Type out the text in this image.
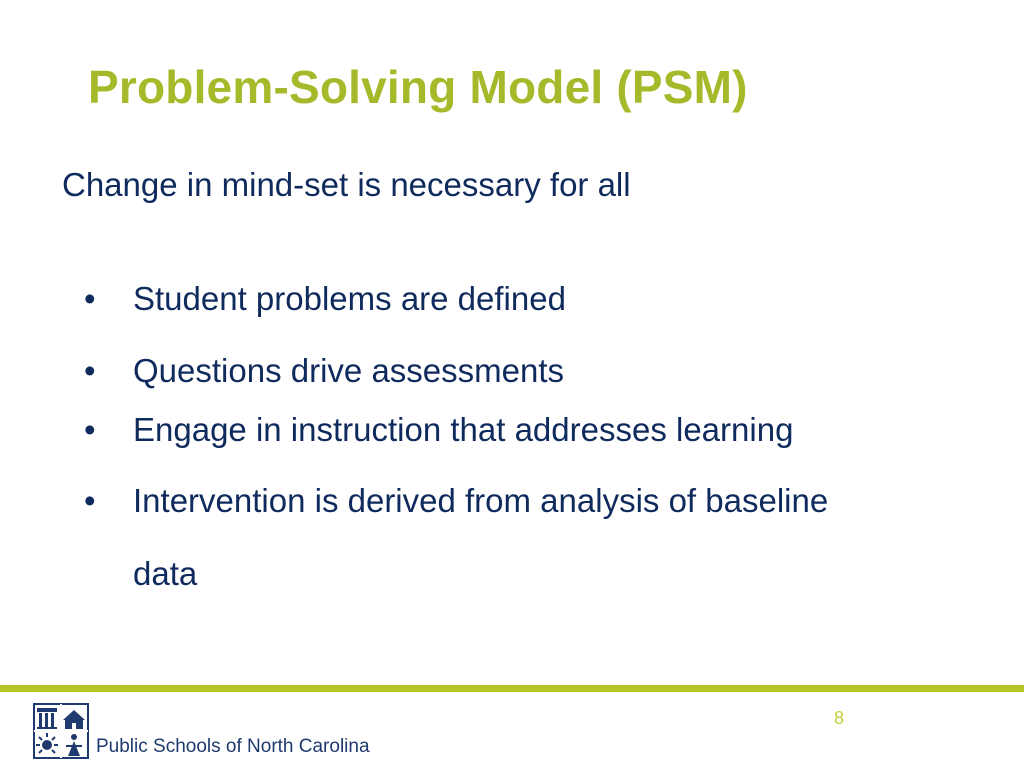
Problem-Solving Model (PSM)
Change in mind-set is necessary for all
• Student problems are defined
• Questions drive assessments
• Engage in instruction that addresses learning
• Intervention is derived from analysis of baseline
data
Public Schools of North Carolina
8
